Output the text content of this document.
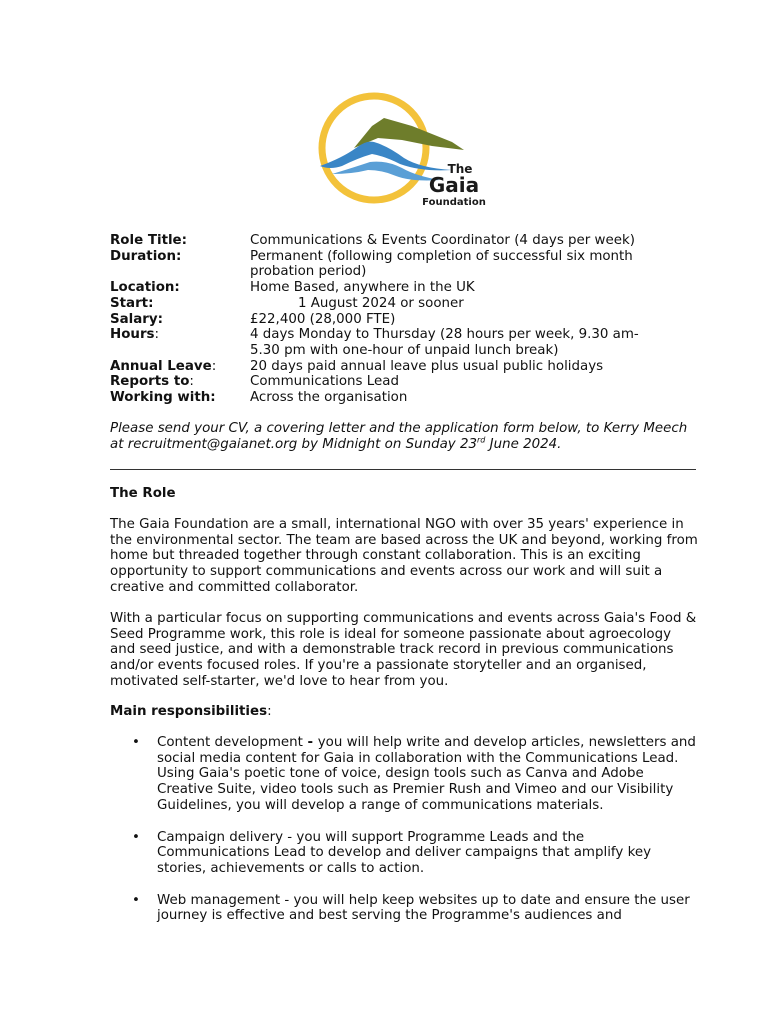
The
Gaia
Foundation
Role Title:	Communications & Events Coordinator (4 days per week)
Duration:	Permanent (following completion of successful six month
probation period)
Location:	Home Based, anywhere in the UK
Start:	1 August 2024 or sooner
Salary:	£22,400 (28,000 FTE)
Hours:	4 days Monday to Thursday (28 hours per week, 9.30 am-
5.30 pm with one-hour of unpaid lunch break)
Annual Leave:	20 days paid annual leave plus usual public holidays
Reports to:	Communications Lead
Working with:	Across the organisation

Please send your CV, a covering letter and the application form below, to Kerry Meech at recruitment@gaianet.org by Midnight on Sunday 23rd June 2024.

The Role

The Gaia Foundation are a small, international NGO with over 35 years' experience in the environmental sector. The team are based across the UK and beyond, working from home but threaded together through constant collaboration. This is an exciting opportunity to support communications and events across our work and will suit a creative and committed collaborator.

With a particular focus on supporting communications and events across Gaia's Food & Seed Programme work, this role is ideal for someone passionate about agroecology and seed justice, and with a demonstrable track record in previous communications and/or events focused roles. If you're a passionate storyteller and an organised, motivated self-starter, we'd love to hear from you.

Main responsibilities:
• Content development - you will help write and develop articles, newsletters and social media content for Gaia in collaboration with the Communications Lead. Using Gaia's poetic tone of voice, design tools such as Canva and Adobe Creative Suite, video tools such as Premier Rush and Vimeo and our Visibility Guidelines, you will develop a range of communications materials.
• Campaign delivery - you will support Programme Leads and the Communications Lead to develop and deliver campaigns that amplify key stories, achievements or calls to action.
• Web management - you will help keep websites up to date and ensure the user journey is effective and best serving the Programme's audiences and
